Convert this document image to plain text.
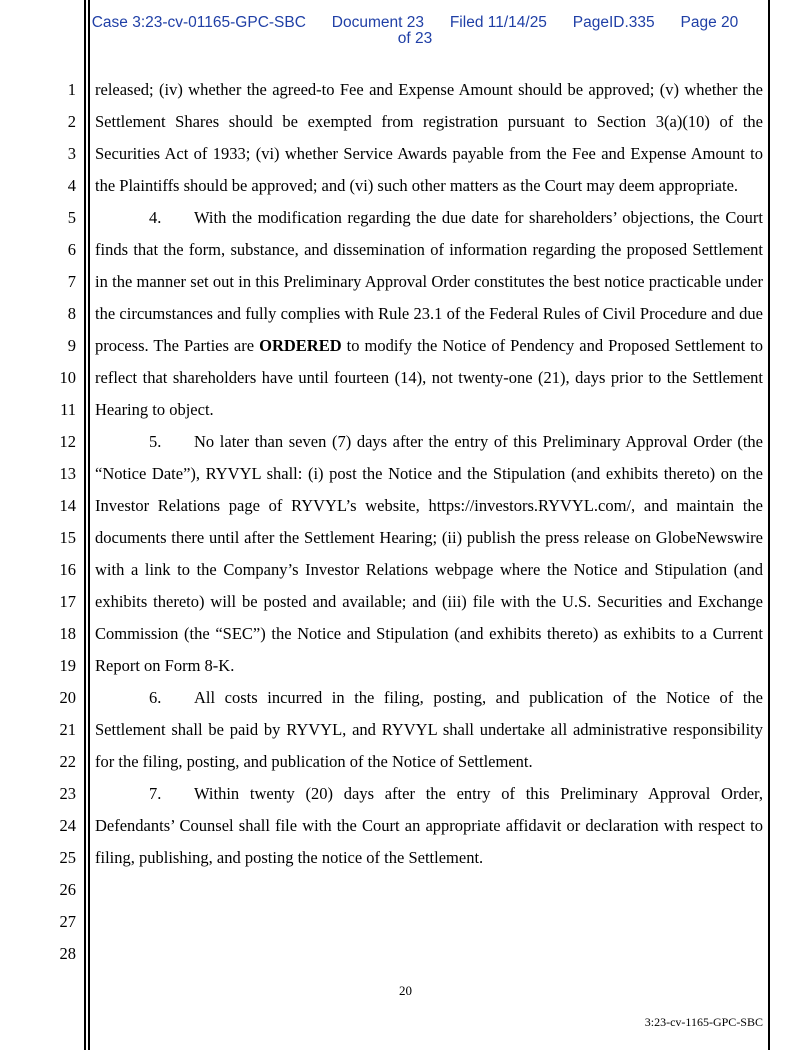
Case 3:23-cv-01165-GPC-SBC Document 23 Filed 11/14/25 PageID.335 Page 20
of 23
1
2
3
4
5
6
7
8
9
10
11
12
13
14
15
16
17
18
19
20
21
22
23
24
25
26
27
28

released; (iv) whether the agreed-to Fee and Expense Amount should be approved; (v) whether the Settlement Shares should be exempted from registration pursuant to Section 3(a)(10) of the Securities Act of 1933; (vi) whether Service Awards payable from the Fee and Expense Amount to the Plaintiffs should be approved; and (vi) such other matters as the Court may deem appropriate.

4. With the modification regarding the due date for shareholders’ objections, the Court finds that the form, substance, and dissemination of information regarding the proposed Settlement in the manner set out in this Preliminary Approval Order constitutes the best notice practicable under the circumstances and fully complies with Rule 23.1 of the Federal Rules of Civil Procedure and due process. The Parties are ORDERED to modify the Notice of Pendency and Proposed Settlement to reflect that shareholders have until fourteen (14), not twenty-one (21), days prior to the Settlement Hearing to object.

5. No later than seven (7) days after the entry of this Preliminary Approval Order (the “Notice Date”), RYVYL shall: (i) post the Notice and the Stipulation (and exhibits thereto) on the Investor Relations page of RYVYL’s website, https://investors.RYVYL.com/, and maintain the documents there until after the Settlement Hearing; (ii) publish the press release on GlobeNewswire with a link to the Company’s Investor Relations webpage where the Notice and Stipulation (and exhibits thereto) will be posted and available; and (iii) file with the U.S. Securities and Exchange Commission (the “SEC”) the Notice and Stipulation (and exhibits thereto) as exhibits to a Current Report on Form 8-K.

6. All costs incurred in the filing, posting, and publication of the Notice of the Settlement shall be paid by RYVYL, and RYVYL shall undertake all administrative responsibility for the filing, posting, and publication of the Notice of Settlement.

7. Within twenty (20) days after the entry of this Preliminary Approval Order, Defendants’ Counsel shall file with the Court an appropriate affidavit or declaration with respect to filing, publishing, and posting the notice of the Settlement.

20
3:23-cv-1165-GPC-SBC
